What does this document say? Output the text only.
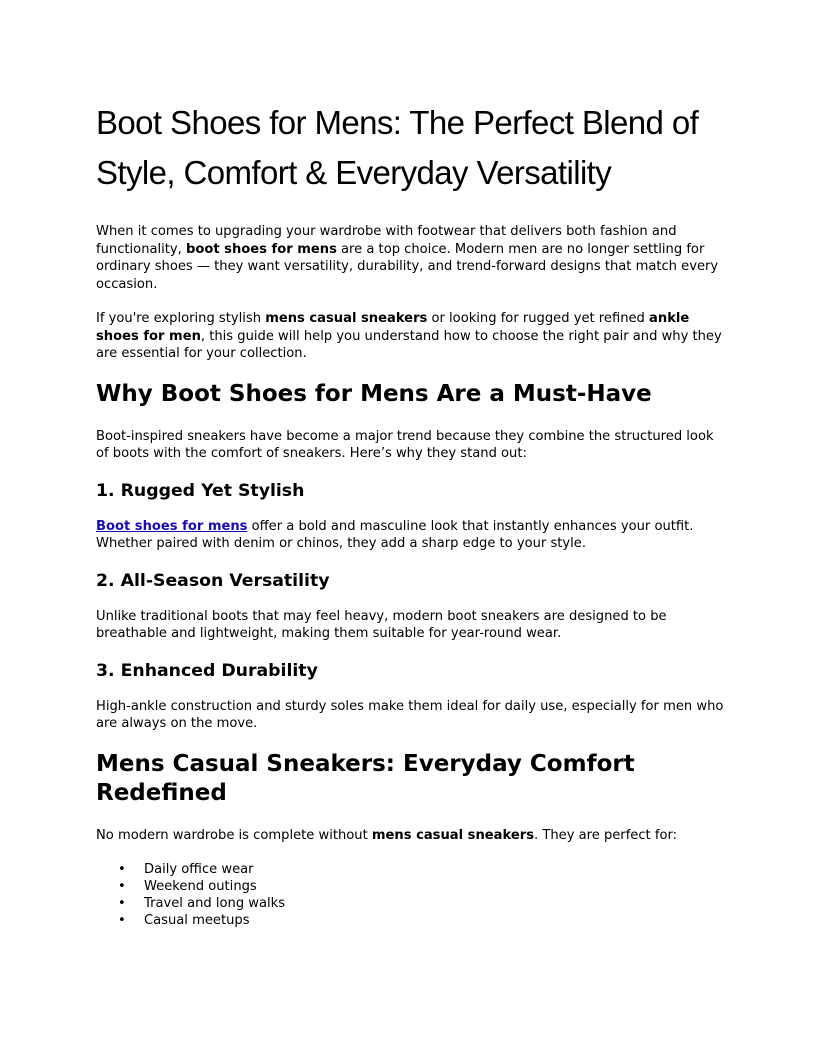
Boot Shoes for Mens: The Perfect Blend of
Style, Comfort & Everyday Versatility

When it comes to upgrading your wardrobe with footwear that delivers both fashion and functionality, boot shoes for mens are a top choice. Modern men are no longer settling for ordinary shoes — they want versatility, durability, and trend-forward designs that match every occasion.

If you're exploring stylish mens casual sneakers or looking for rugged yet refined ankle shoes for men, this guide will help you understand how to choose the right pair and why they are essential for your collection.

Why Boot Shoes for Mens Are a Must-Have

Boot-inspired sneakers have become a major trend because they combine the structured look of boots with the comfort of sneakers. Here’s why they stand out:

1. Rugged Yet Stylish

Boot shoes for mens offer a bold and masculine look that instantly enhances your outfit. Whether paired with denim or chinos, they add a sharp edge to your style.

2. All-Season Versatility

Unlike traditional boots that may feel heavy, modern boot sneakers are designed to be breathable and lightweight, making them suitable for year-round wear.

3. Enhanced Durability

High-ankle construction and sturdy soles make them ideal for daily use, especially for men who are always on the move.

Mens Casual Sneakers: Everyday Comfort
Redefined

No modern wardrobe is complete without mens casual sneakers. They are perfect for:

• Daily office wear
• Weekend outings
• Travel and long walks
• Casual meetups
